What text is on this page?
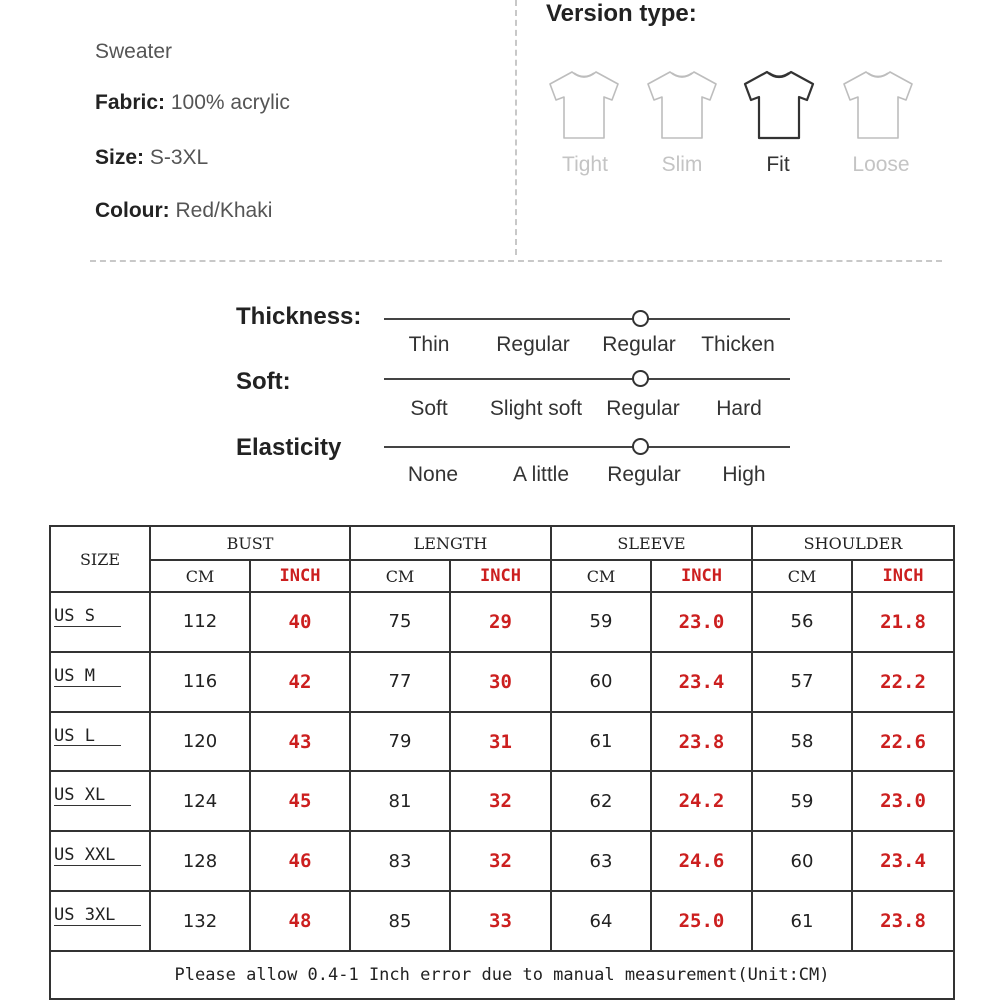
Sweater
Fabric: 100% acrylic
Size: S-3XL
Colour: Red/Khaki
Version type:
Tight	Slim	Fit	Loose
Thickness:
Thin	Regular	Regular	Thicken
Soft:
Soft	Slight soft	Regular	Hard
Elasticity
None	A little	Regular	High
SIZE	BUST		LENGTH		SLEEVE		SHOULDER	
	CM	INCH	CM	INCH	CM	INCH	CM	INCH
US S	112	40	75	29	59	23.0	56	21.8
US M	116	42	77	30	60	23.4	57	22.2
US L	120	43	79	31	61	23.8	58	22.6
US XL	124	45	81	32	62	24.2	59	23.0
US XXL	128	46	83	32	63	24.6	60	23.4
US 3XL	132	48	85	33	64	25.0	61	23.8
Please allow 0.4-1 Inch error due to manual measurement(Unit:CM)								
